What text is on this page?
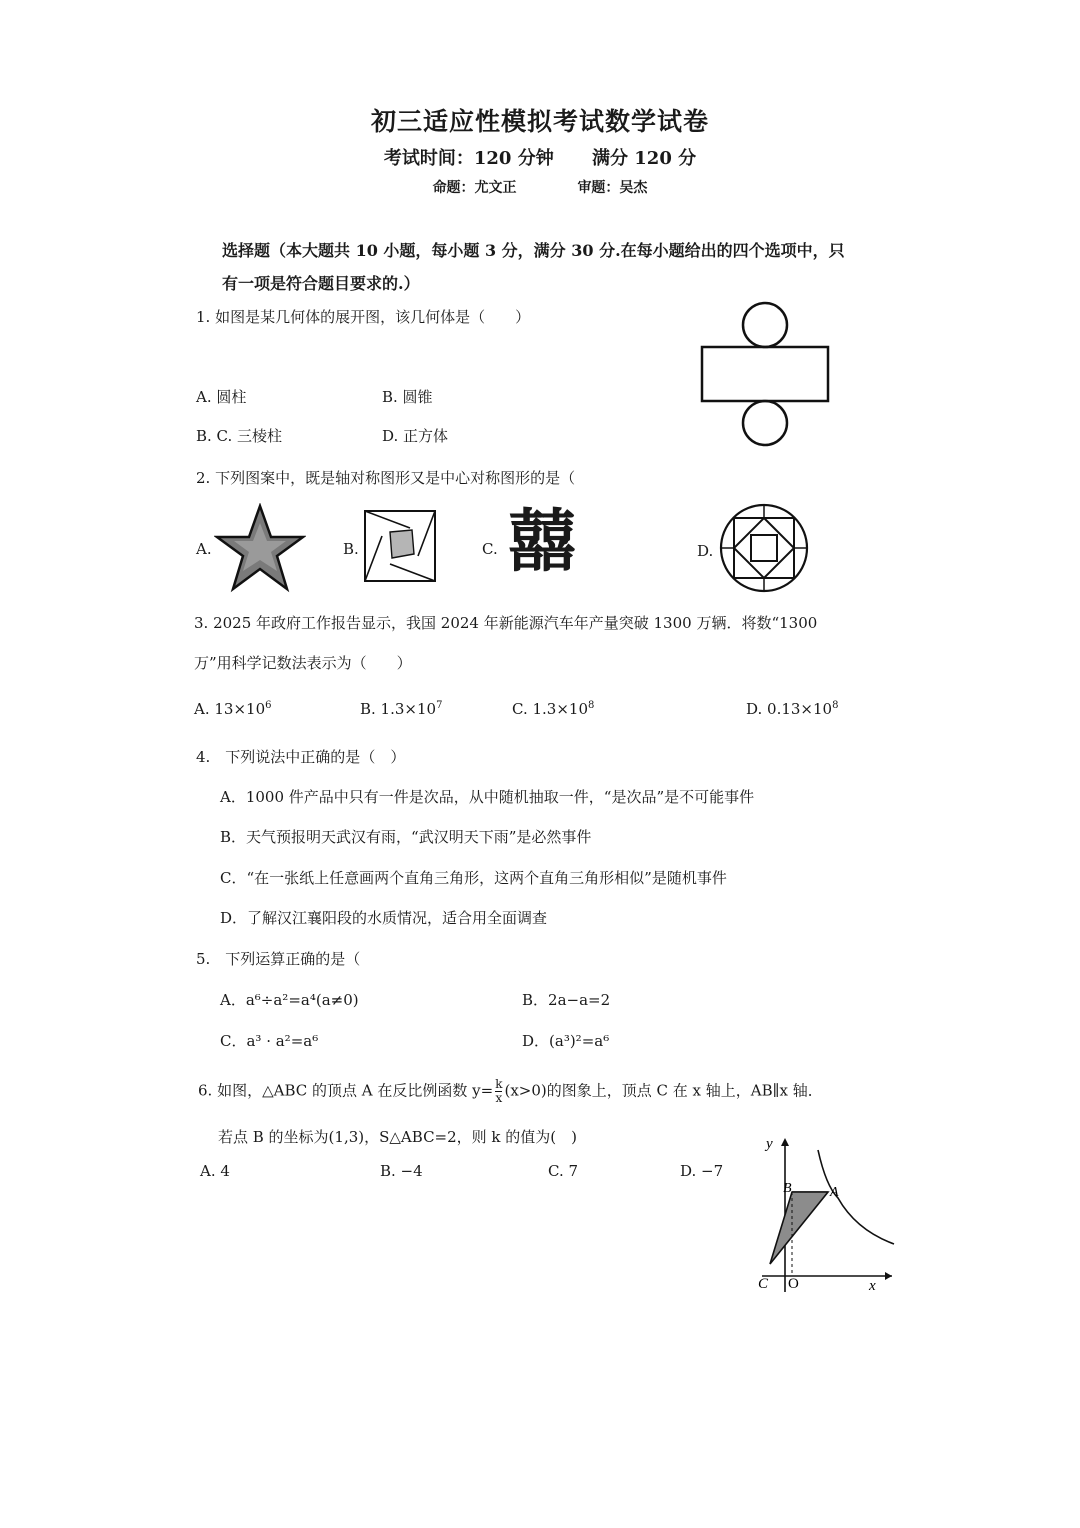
初三适应性模拟考试数学试卷
考试时间：120 分钟 满分 120 分
命题：尤文正	审题：吴杰
选择题（本大题共 10 小题，每小题 3 分，满分 30 分.在每小题给出的四个选项中，只
有一项是符合题目要求的.）
1. 如图是某几何体的展开图，该几何体是（　　）
A. 圆柱	B. 圆锥
B. C. 三棱柱	D. 正方体
2. 下列图案中，既是轴对称图形又是中心对称图形的是（
A.	B.	C. 囍	D.
3. 2025 年政府工作报告显示，我国 2024 年新能源汽车年产量突破 1300 万辆．将数“1300
万”用科学记数法表示为（　　）
A. $13\times 10^6$	B. $1.3\times 10^7$	C. $1.3\times 10^8$	D. $0.13\times 10^8$
4.　下列说法中正确的是（　）
A．1000 件产品中只有一件是次品，从中随机抽取一件，“是次品”是不可能事件
B．天气预报明天武汉有雨，“武汉明天下雨”是必然事件
C．“在一张纸上任意画两个直角三角形，这两个直角三角形相似”是随机事件
D．了解汉江襄阳段的水质情况，适合用全面调查
5.　下列运算正确的是（
A．a⁶÷a²=a⁴(a≠0)	B．2a−a=2
C．a³ · a²=a⁶	D．(a³)²=a⁶
6. 如图，△ABC 的顶点 A 在反比例函数 $y= \frac{k}{x} (x>0)$的图象上，顶点 C 在 x 轴上，AB∥x 轴．
若点 B 的坐标为(1,3)，S△ABC=2，则 k 的值为(　)
A. 4	B. −4	C. 7	D. −7
y
B	A
C O	x
